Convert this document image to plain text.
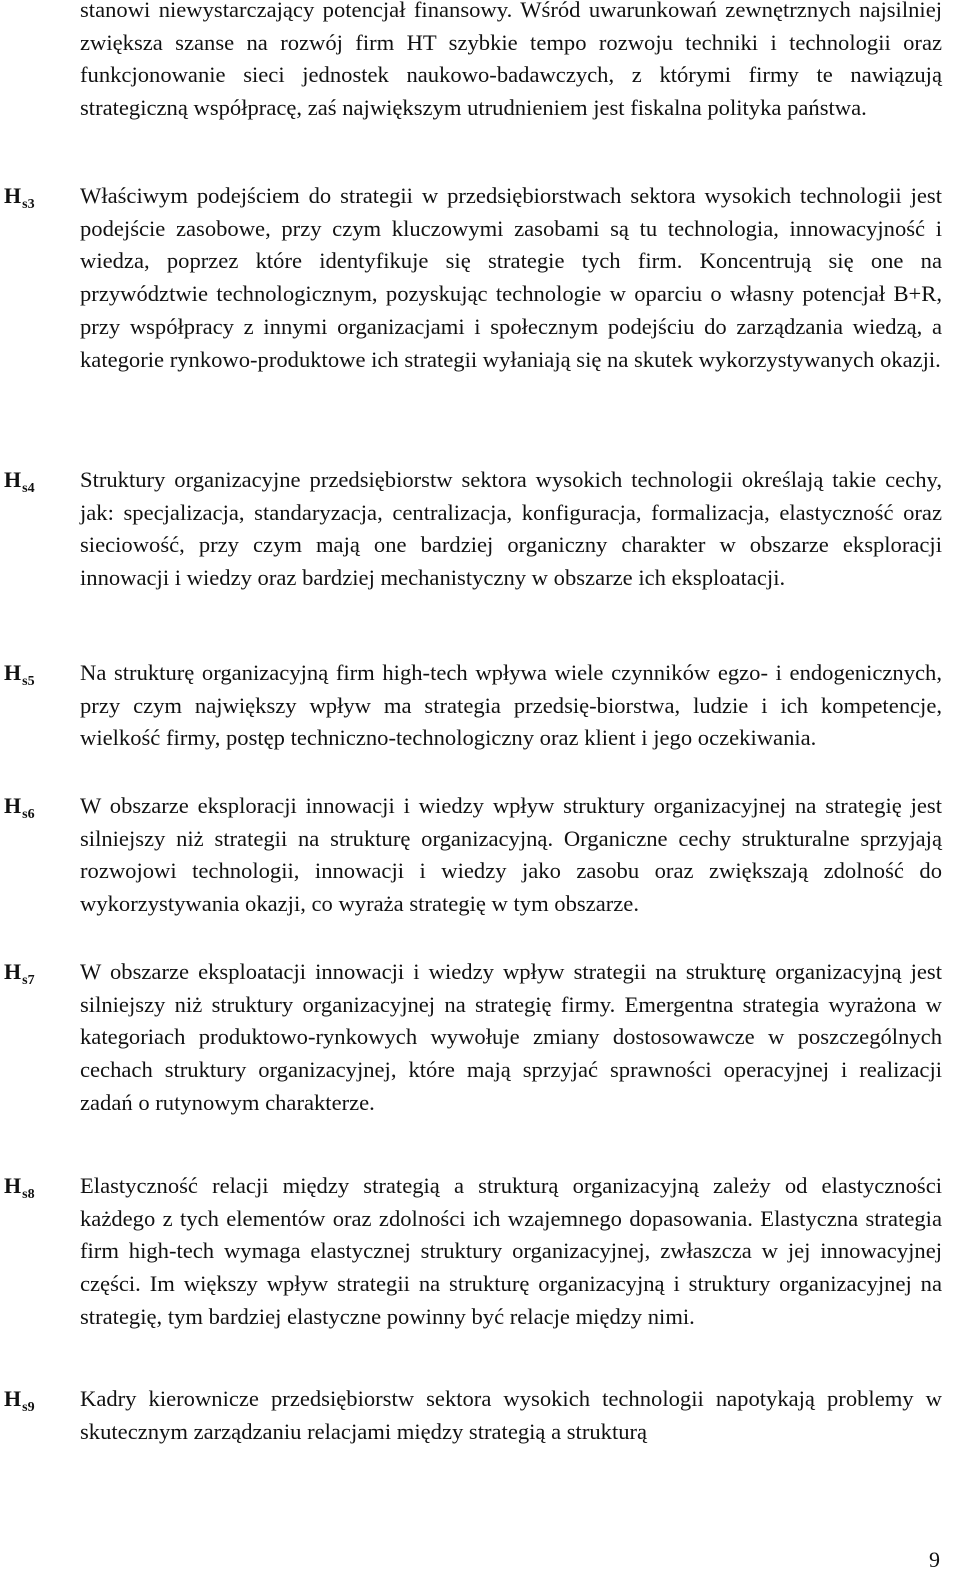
stanowi niewystarczający potencjał finansowy. Wśród uwarunkowań zewnętrznych najsilniej zwiększa szanse na rozwój firm HT szybkie tempo rozwoju techniki i technologii oraz funkcjonowanie sieci jednostek naukowo-badawczych, z którymi firmy te nawiązują strategiczną współpracę, zaś największym utrudnieniem jest fiskalna polityka państwa.

$H_{s3}$ Właściwym podejściem do strategii w przedsiębiorstwach sektora wysokich technologii jest podejście zasobowe, przy czym kluczowymi zasobami są tu technologia, innowacyjność i wiedza, poprzez które identyfikuje się strategie tych firm. Koncentrują się one na przywództwie technologicznym, pozyskując technologie w oparciu o własny potencjał B+R, przy współpracy z innymi organizacjami i społecznym podejściu do zarządzania wiedzą, a kategorie rynkowo-produktowe ich strategii wyłaniają się na skutek wykorzystywanych okazji.

$H_{s4}$ Struktury organizacyjne przedsiębiorstw sektora wysokich technologii określają takie cechy, jak: specjalizacja, standaryzacja, centralizacja, konfiguracja, formalizacja, elastyczność oraz sieciowość, przy czym mają one bardziej organiczny charakter w obszarze eksploracji innowacji i wiedzy oraz bardziej mechanistyczny w obszarze ich eksploatacji.

$H_{s5}$ Na strukturę organizacyjną firm high-tech wpływa wiele czynników egzo- i endogenicznych, przy czym największy wpływ ma strategia przedsię-biorstwa, ludzie i ich kompetencje, wielkość firmy, postęp techniczno-technologiczny oraz klient i jego oczekiwania.

$H_{s6}$ W obszarze eksploracji innowacji i wiedzy wpływ struktury organizacyjnej na strategię jest silniejszy niż strategii na strukturę organizacyjną. Organiczne cechy strukturalne sprzyjają rozwojowi technologii, innowacji i wiedzy jako zasobu oraz zwiększają zdolność do wykorzystywania okazji, co wyraża strategię w tym obszarze.

$H_{s7}$ W obszarze eksploatacji innowacji i wiedzy wpływ strategii na strukturę organizacyjną jest silniejszy niż struktury organizacyjnej na strategię firmy. Emergentna strategia wyrażona w kategoriach produktowo-rynkowych wywołuje zmiany dostosowawcze w poszczególnych cechach struktury organizacyjnej, które mają sprzyjać sprawności operacyjnej i realizacji zadań o rutynowym charakterze.

$H_{s8}$ Elastyczność relacji między strategią a strukturą organizacyjną zależy od elastyczności każdego z tych elementów oraz zdolności ich wzajemnego dopasowania. Elastyczna strategia firm high-tech wymaga elastycznej struktury organizacyjnej, zwłaszcza w jej innowacyjnej części. Im większy wpływ strategii na strukturę organizacyjną i struktury organizacyjnej na strategię, tym bardziej elastyczne powinny być relacje między nimi.

$H_{s9}$ Kadry kierownicze przedsiębiorstw sektora wysokich technologii napotykają problemy w skutecznym zarządzaniu relacjami między strategią a strukturą

9
